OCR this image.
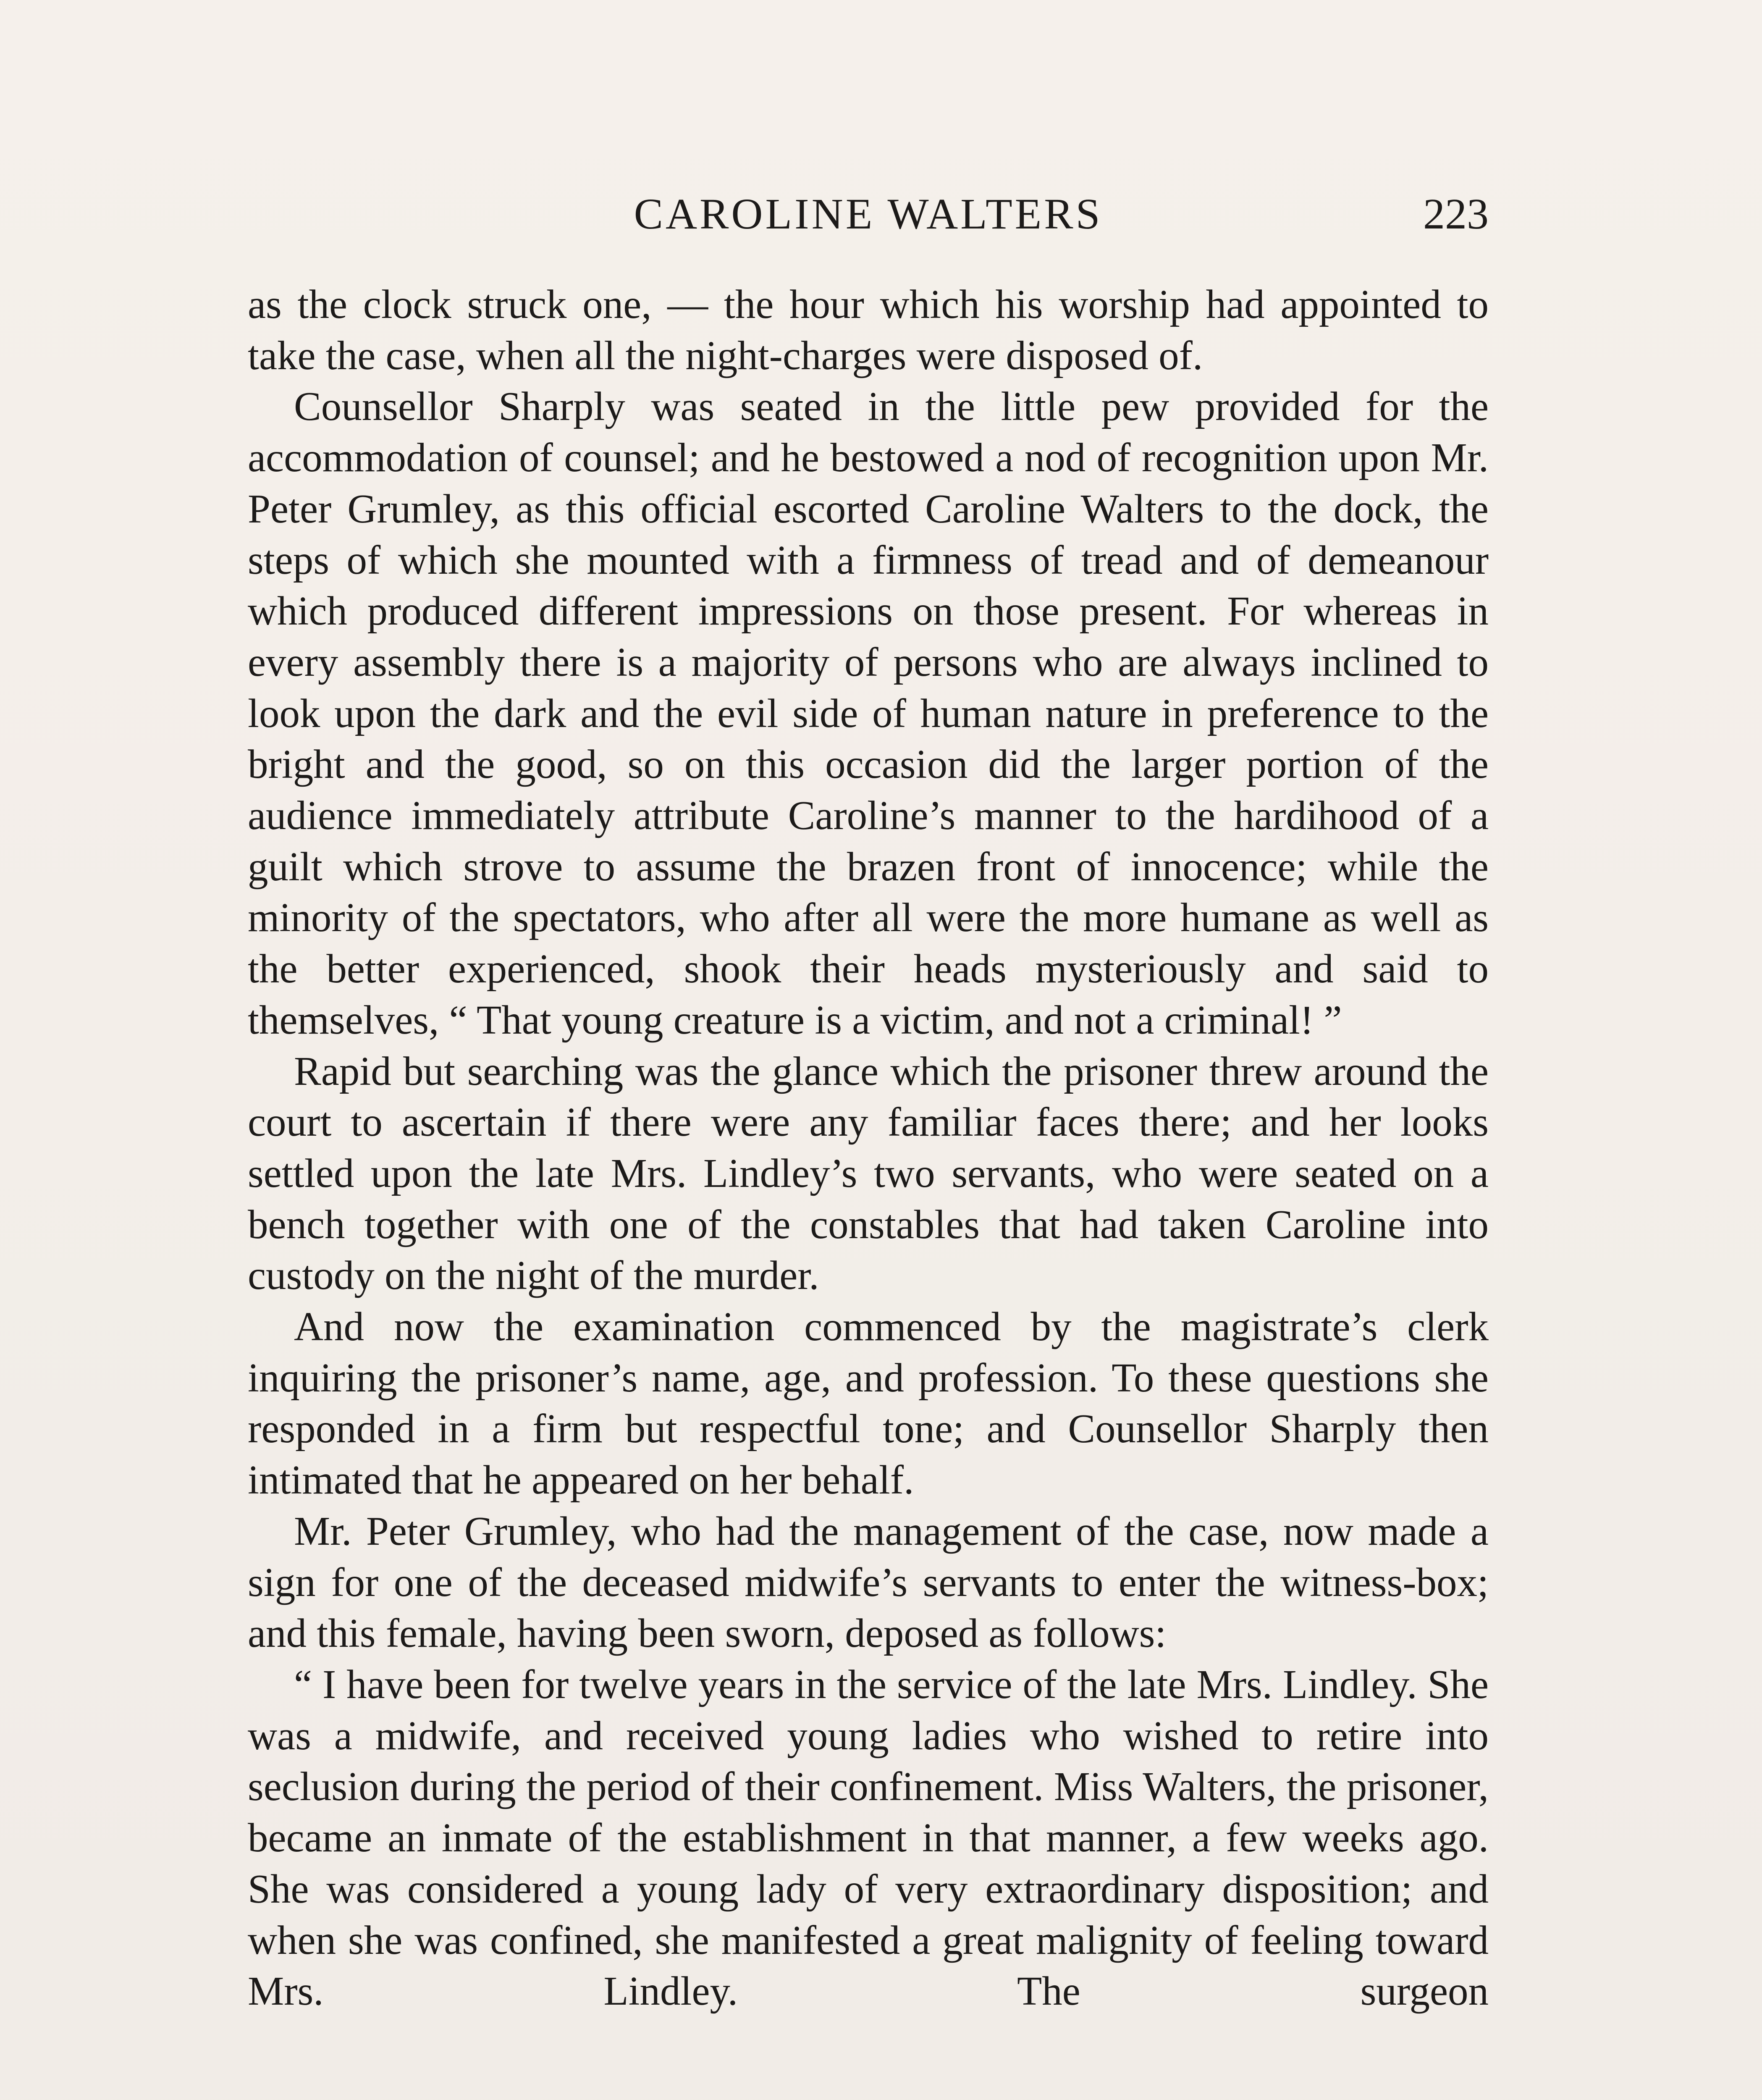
CAROLINE WALTERS	223

as the clock struck one, — the hour which his worship had appointed to take the case, when all the night-charges were disposed of.

Counsellor Sharply was seated in the little pew provided for the accommodation of counsel; and he bestowed a nod of recognition upon Mr. Peter Grumley, as this official escorted Caroline Walters to the dock, the steps of which she mounted with a firmness of tread and of demeanour which produced different impressions on those present. For whereas in every assembly there is a majority of persons who are always inclined to look upon the dark and the evil side of human nature in preference to the bright and the good, so on this occasion did the larger portion of the audience immediately attribute Caroline’s manner to the hardihood of a guilt which strove to assume the brazen front of innocence; while the minority of the spectators, who after all were the more humane as well as the better experienced, shook their heads mysteriously and said to themselves, “ That young creature is a victim, and not a criminal! ”

Rapid but searching was the glance which the prisoner threw around the court to ascertain if there were any familiar faces there; and her looks settled upon the late Mrs. Lindley’s two servants, who were seated on a bench together with one of the constables that had taken Caroline into custody on the night of the murder.

And now the examination commenced by the magistrate’s clerk inquiring the prisoner’s name, age, and profession. To these questions she responded in a firm but respectful tone; and Counsellor Sharply then intimated that he appeared on her behalf.

Mr. Peter Grumley, who had the management of the case, now made a sign for one of the deceased midwife’s servants to enter the witness-box; and this female, having been sworn, deposed as follows:

“ I have been for twelve years in the service of the late Mrs. Lindley. She was a midwife, and received young ladies who wished to retire into seclusion during the period of their confinement. Miss Walters, the prisoner, became an inmate of the establishment in that manner, a few weeks ago. She was considered a young lady of very extraordinary disposition; and when she was confined, she manifested a great malignity of feeling toward Mrs. Lindley. The surgeon
